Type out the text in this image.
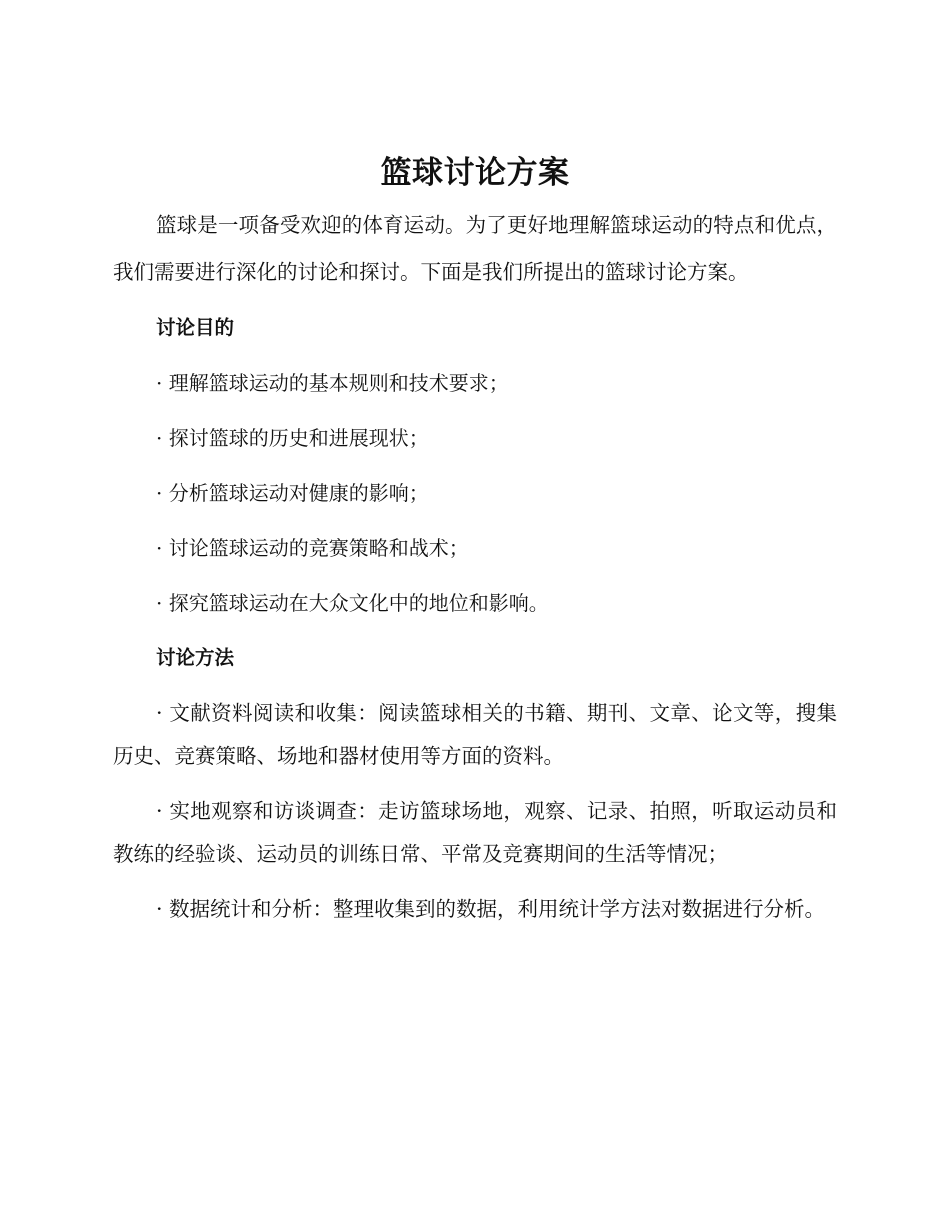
篮球讨论方案

篮球是一项备受欢迎的体育运动。为了更好地理解篮球运动的特点和优点，我们需要进行深化的讨论和探讨。下面是我们所提出的篮球讨论方案。

讨论目的

· 理解篮球运动的基本规则和技术要求；

· 探讨篮球的历史和进展现状；

· 分析篮球运动对健康的影响；

· 讨论篮球运动的竞赛策略和战术；

· 探究篮球运动在大众文化中的地位和影响。

讨论方法

· 文献资料阅读和收集：阅读篮球相关的书籍、期刊、文章、论文等，搜集历史、竞赛策略、场地和器材使用等方面的资料。

· 实地观察和访谈调查：走访篮球场地，观察、记录、拍照，听取运动员和教练的经验谈、运动员的训练日常、平常及竞赛期间的生活等情况；

· 数据统计和分析：整理收集到的数据，利用统计学方法对数据进行分析。
